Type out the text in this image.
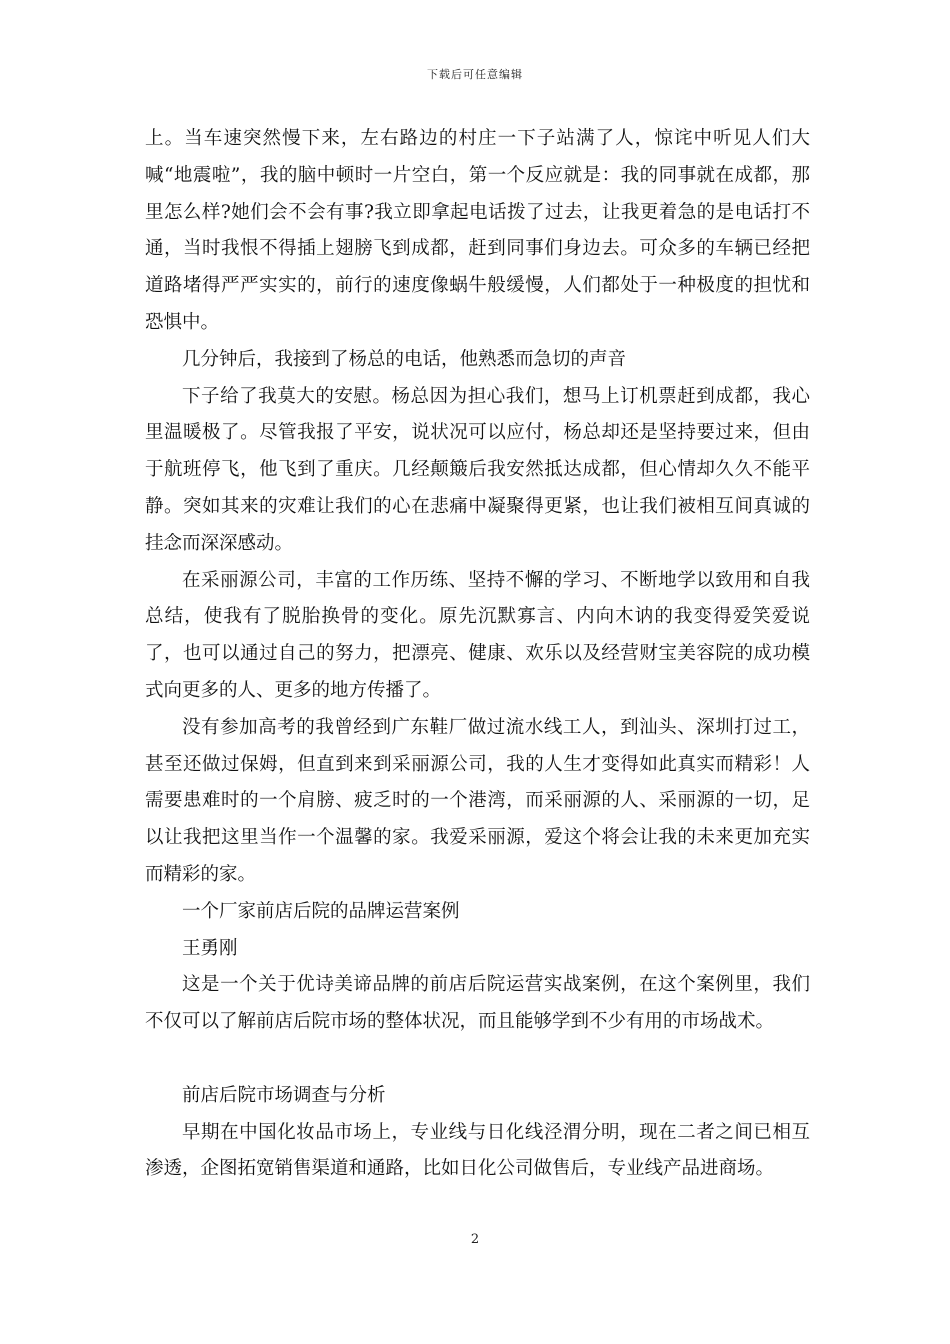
下载后可任意编辑

上。当车速突然慢下来，左右路边的村庄一下子站满了人，惊诧中听见人们大喊“地震啦”，我的脑中顿时一片空白，第一个反应就是：我的同事就在成都，那里怎么样?她们会不会有事?我立即拿起电话拨了过去，让我更着急的是电话打不通，当时我恨不得插上翅膀飞到成都，赶到同事们身边去。可众多的车辆已经把道路堵得严严实实的，前行的速度像蜗牛般缓慢，人们都处于一种极度的担忧和恐惧中。

几分钟后，我接到了杨总的电话，他熟悉而急切的声音

下子给了我莫大的安慰。杨总因为担心我们，想马上订机票赶到成都，我心里温暖极了。尽管我报了平安，说状况可以应付，杨总却还是坚持要过来，但由于航班停飞，他飞到了重庆。几经颠簸后我安然抵达成都，但心情却久久不能平静。突如其来的灾难让我们的心在悲痛中凝聚得更紧，也让我们被相互间真诚的挂念而深深感动。

在采丽源公司，丰富的工作历练、坚持不懈的学习、不断地学以致用和自我总结，使我有了脱胎换骨的变化。原先沉默寡言、内向木讷的我变得爱笑爱说了，也可以通过自己的努力，把漂亮、健康、欢乐以及经营财宝美容院的成功模式向更多的人、更多的地方传播了。

没有参加高考的我曾经到广东鞋厂做过流水线工人，到汕头、深圳打过工，甚至还做过保姆，但直到来到采丽源公司，我的人生才变得如此真实而精彩！人需要患难时的一个肩膀、疲乏时的一个港湾，而采丽源的人、采丽源的一切，足以让我把这里当作一个温馨的家。我爱采丽源，爱这个将会让我的未来更加充实而精彩的家。

一个厂家前店后院的品牌运营案例

王勇刚

这是一个关于优诗美谛品牌的前店后院运营实战案例，在这个案例里，我们不仅可以了解前店后院市场的整体状况，而且能够学到不少有用的市场战术。

前店后院市场调查与分析

早期在中国化妆品市场上，专业线与日化线泾渭分明，现在二者之间已相互渗透，企图拓宽销售渠道和通路，比如日化公司做售后，专业线产品进商场。

2
